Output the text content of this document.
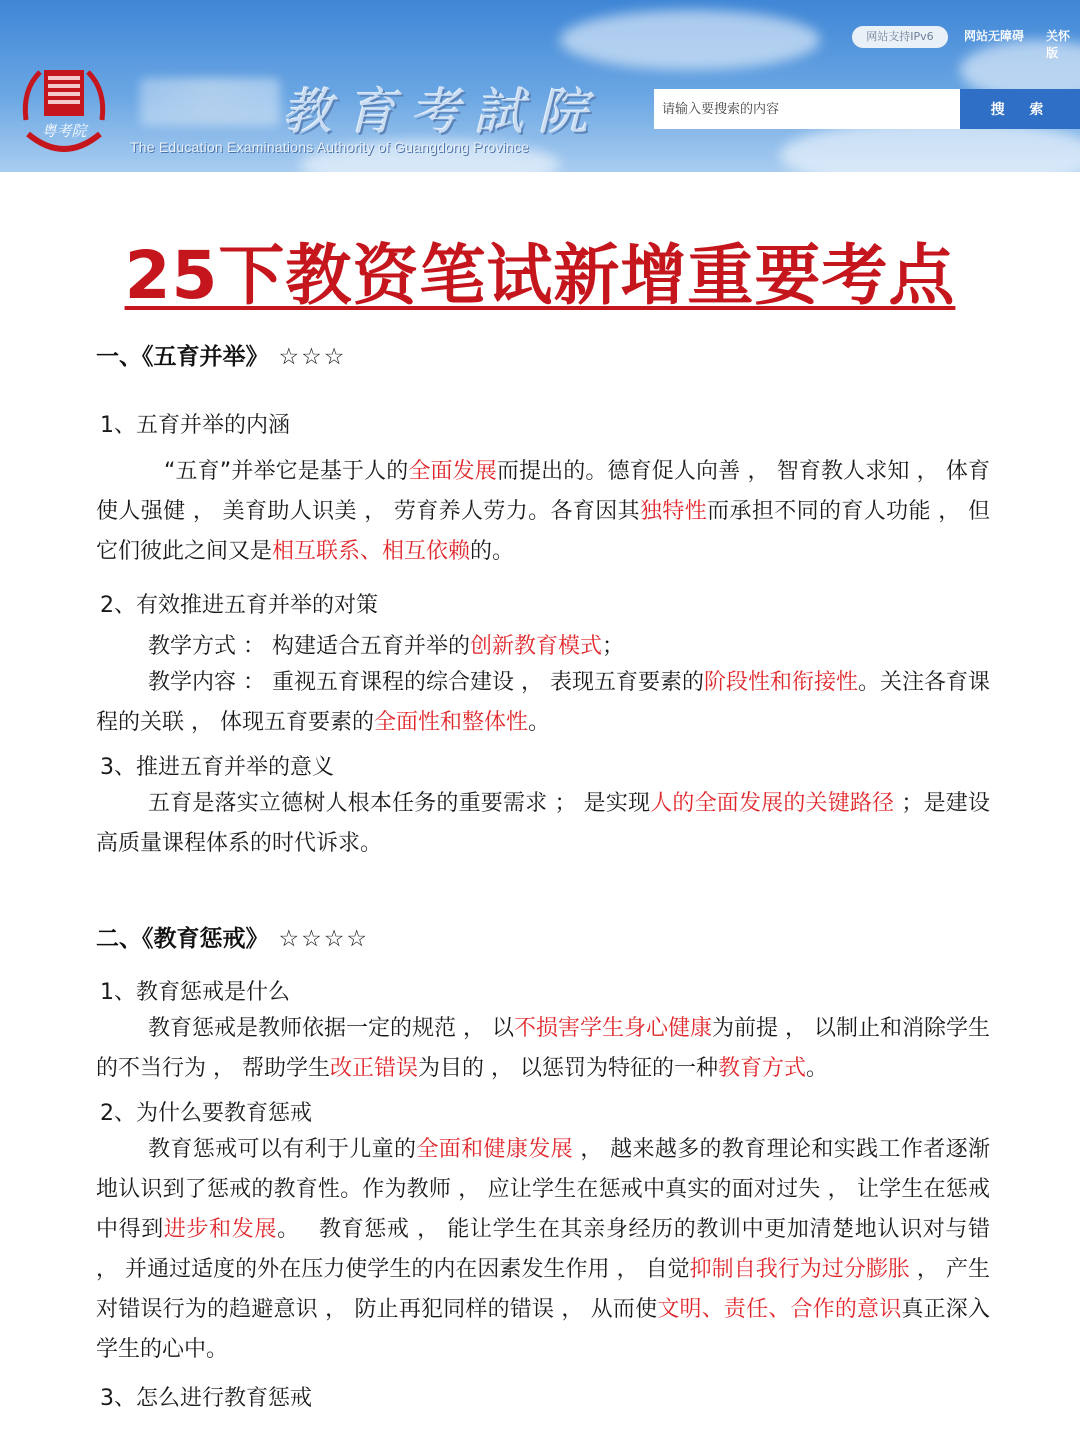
粤考院	教育考試院
The Education Examinations Authority of Guangdong Province
网站支持IPv6	网站无障碍 关怀版
请输入要搜索的内容
搜 索
25下教资笔试新增重要考点
一、《五育并举》 ☆☆☆
1、五育并举的内涵
“五育”并举它是基于人的全面发展而提出的。德育促人向善 ， 智育教人求知 ， 体育使人强健 ， 美育助人识美 ， 劳育养人劳力。各育因其独特性而承担不同的育人功能 ， 但它们彼此之间又是相互联系、相互依赖的。
2、有效推进五育并举的对策
教学方式 ： 构建适合五育并举的创新教育模式；
教学内容 ： 重视五育课程的综合建设 ， 表现五育要素的阶段性和衔接性。关注各育课程的关联 ， 体现五育要素的全面性和整体性。
3、推进五育并举的意义
五育是落实立德树人根本任务的重要需求 ； 是实现人的全面发展的关键路径 ；是建设高质量课程体系的时代诉求。
二、《教育惩戒》 ☆☆☆☆
1、教育惩戒是什么
教育惩戒是教师依据一定的规范 ， 以不损害学生身心健康为前提 ， 以制止和消除学生的不当行为 ， 帮助学生改正错误为目的 ， 以惩罚为特征的一种教育方式。
2、为什么要教育惩戒
教育惩戒可以有利于儿童的全面和健康发展 ， 越来越多的教育理论和实践工作者逐渐地认识到了惩戒的教育性。作为教师 ， 应让学生在惩戒中真实的面对过失 ， 让学生在惩戒中得到进步和发展。　 教育惩戒 ， 能让学生在其亲身经历的教训中更加清楚地认识对与错 ， 并通过适度的外在压力使学生的内在因素发生作用 ， 自觉抑制自我行为过分膨胀 ， 产生对错误行为的趋避意识 ， 防止再犯同样的错误 ， 从而使文明、责任、合作的意识真正深入学生的心中。
3、怎么进行教育惩戒
